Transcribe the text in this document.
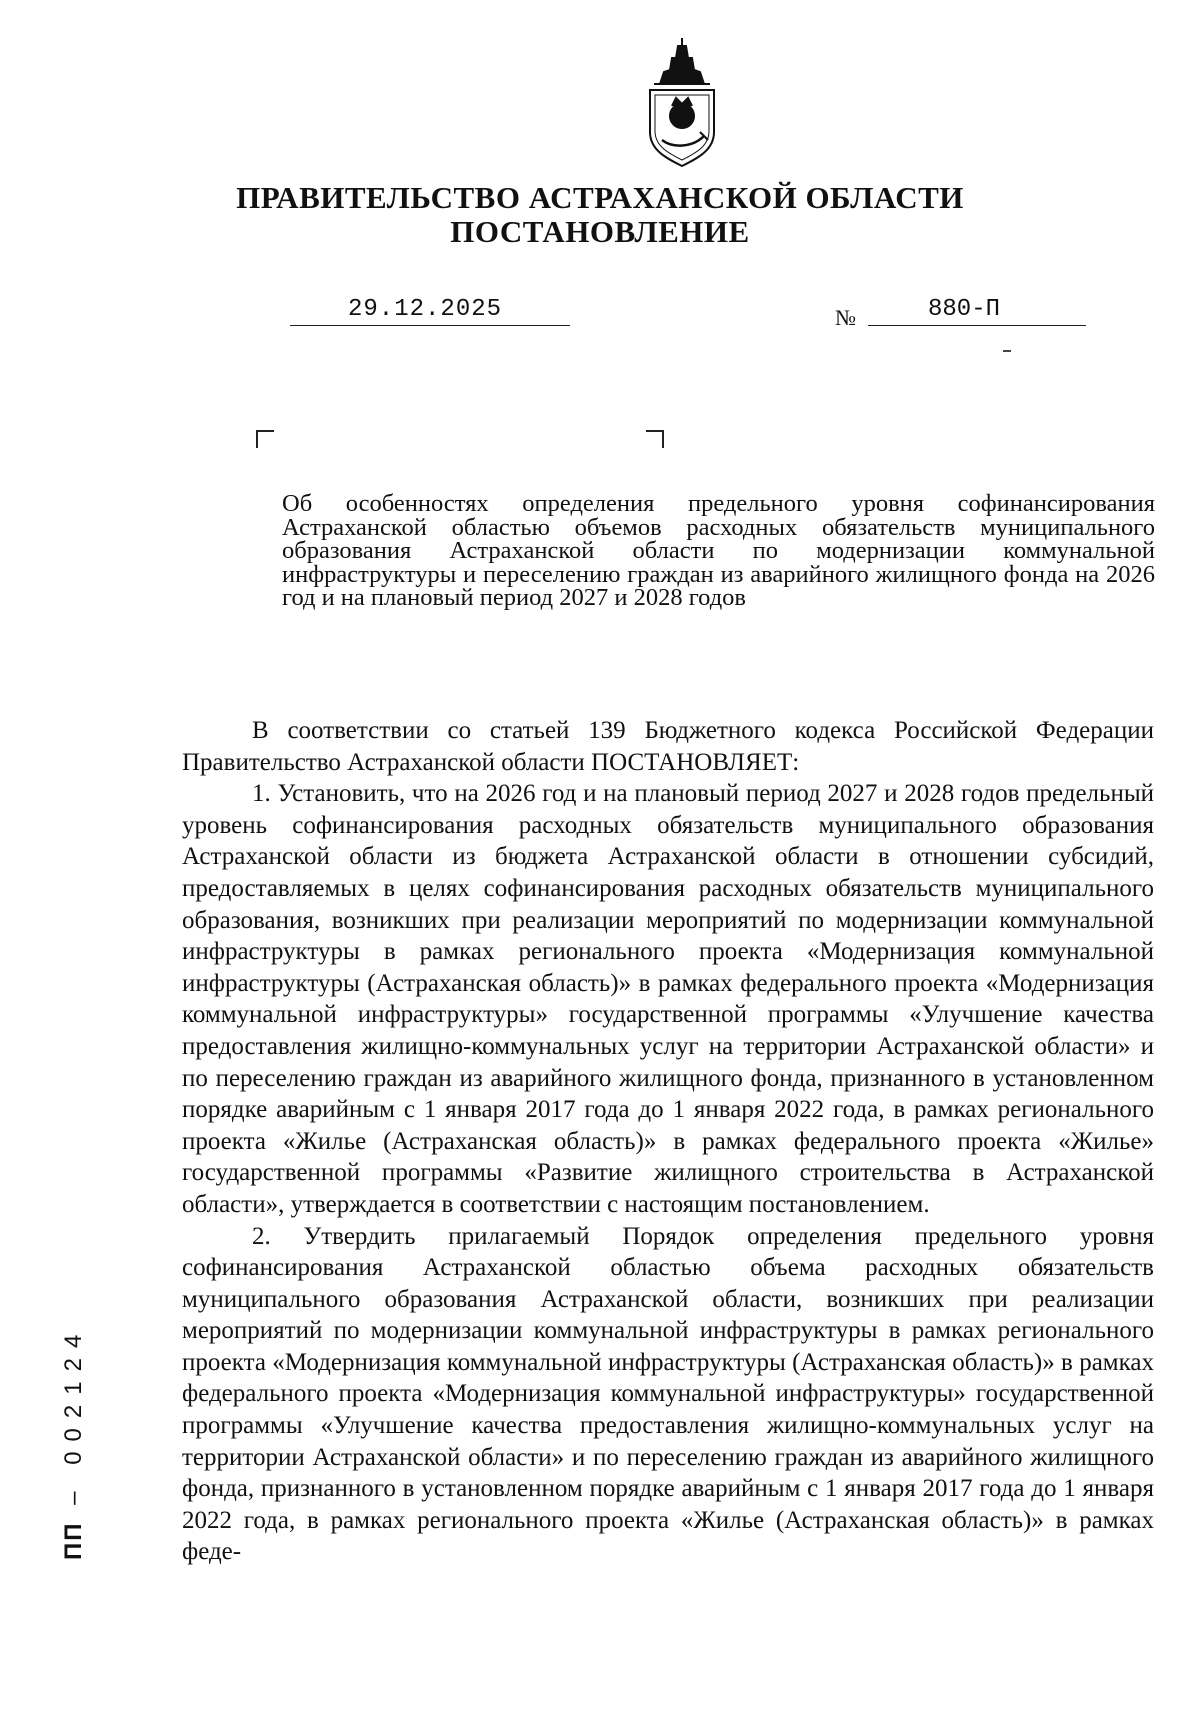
ПРАВИТЕЛЬСТВО АСТРАХАНСКОЙ ОБЛАСТИ
ПОСТАНОВЛЕНИЕ
29.12.2025	№	880-П
Об особенностях определения предельного уровня софинансирования Астраханской областью объемов расходных обязательств муниципального образования Астраханской области по модернизации коммунальной инфраструктуры и переселению граждан из аварийного жилищного фонда на 2026 год и на плановый период 2027 и 2028 годов

В соответствии со статьей 139 Бюджетного кодекса Российской Федерации Правительство Астраханской области ПОСТАНОВЛЯЕТ:

1. Установить, что на 2026 год и на плановый период 2027 и 2028 годов предельный уровень софинансирования расходных обязательств муниципального образования Астраханской области из бюджета Астраханской области в отношении субсидий, предоставляемых в целях софинансирования расходных обязательств муниципального образования, возникших при реализации мероприятий по модернизации коммунальной инфраструктуры в рамках регионального проекта «Модернизация коммунальной инфраструктуры (Астраханская область)» в рамках федерального проекта «Модернизация коммунальной инфраструктуры» государственной программы «Улучшение качества предоставления жилищно-коммунальных услуг на территории Астраханской области» и по переселению граждан из аварийного жилищного фонда, признанного в установленном порядке аварийным с 1 января 2017 года до 1 января 2022 года, в рамках регионального проекта «Жилье (Астраханская область)» в рамках федерального проекта «Жилье» государственной программы «Развитие жилищного строительства в Астраханской области», утверждается в соответствии с настоящим постановлением.

2. Утвердить прилагаемый Порядок определения предельного уровня софинансирования Астраханской областью объема расходных обязательств муниципального образования Астраханской области, возникших при реализации мероприятий по модернизации коммунальной инфраструктуры в рамках регионального проекта «Модернизация коммунальной инфраструктуры (Астраханская область)» в рамках федерального проекта «Модернизация коммунальной инфраструктуры» государственной программы «Улучшение качества предоставления жилищно-коммунальных услуг на территории Астраханской области» и по переселению граждан из аварийного жилищного фонда, признанного в установленном порядке аварийным с 1 января 2017 года до 1 января 2022 года, в рамках регионального проекта «Жилье (Астраханская область)» в рамках феде-

ПП – 002124
